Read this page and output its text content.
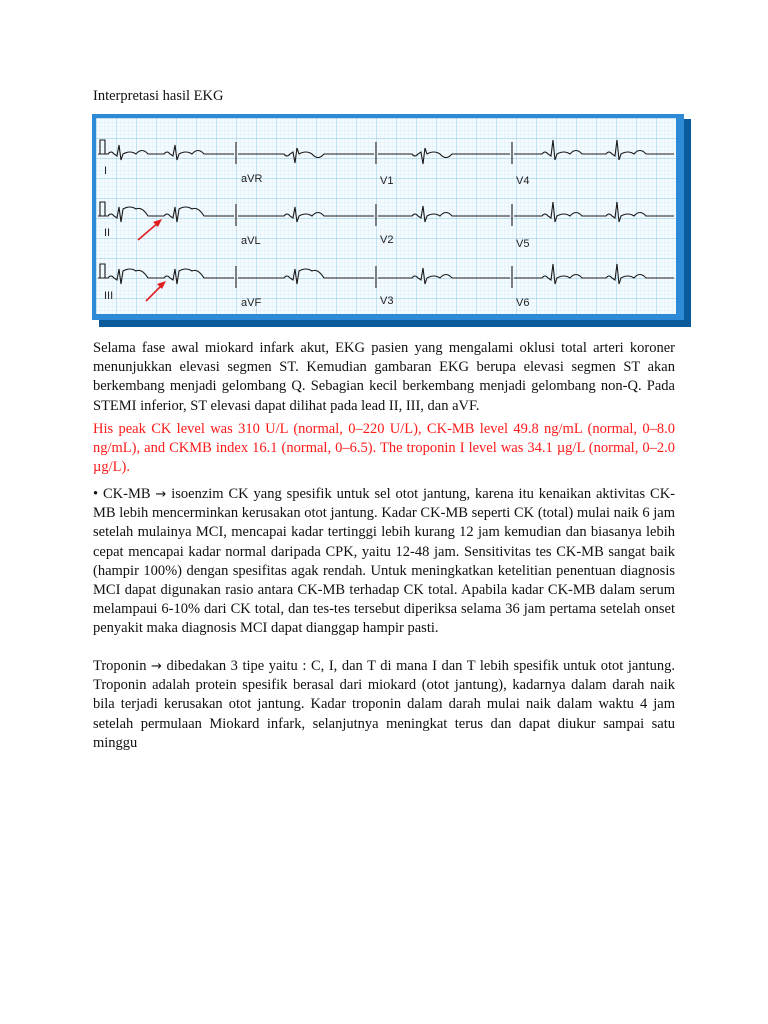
Interpretasi hasil EKG
I
II
III
aVR
aVL
aVF
V1
V2
V3
V4
V5
V6

Selama fase awal miokard infark akut, EKG pasien yang mengalami oklusi total arteri koroner menunjukkan elevasi segmen ST. Kemudian gambaran EKG berupa elevasi segmen ST akan berkembang menjadi gelombang Q. Sebagian kecil berkembang menjadi gelombang non-Q. Pada STEMI inferior, ST elevasi dapat dilihat pada lead II, III, dan aVF.

His peak CK level was 310 U/L (normal, 0–220 U/L), CK-MB level 49.8 ng/mL (normal, 0–8.0 ng/mL), and CKMB index 16.1 (normal, 0–6.5). The troponin I level was 34.1 µg/L (normal, 0–2.0 µg/L).

• CK-MB → isoenzim CK yang spesifik untuk sel otot jantung, karena itu kenaikan aktivitas CK-MB lebih mencerminkan kerusakan otot jantung. Kadar CK-MB seperti CK (total) mulai naik 6 jam setelah mulainya MCI, mencapai kadar tertinggi lebih kurang 12 jam kemudian dan biasanya lebih cepat mencapai kadar normal daripada CPK, yaitu 12-48 jam. Sensitivitas tes CK-MB sangat baik (hampir 100%) dengan spesifitas agak rendah. Untuk meningkatkan ketelitian penentuan diagnosis MCI dapat digunakan rasio antara CK-MB terhadap CK total. Apabila kadar CK-MB dalam serum melampaui 6-10% dari CK total, dan tes-tes tersebut diperiksa selama 36 jam pertama setelah onset penyakit maka diagnosis MCI dapat dianggap hampir pasti.

Troponin → dibedakan 3 tipe yaitu : C, I, dan T di mana I dan T lebih spesifik untuk otot jantung. Troponin adalah protein spesifik berasal dari miokard (otot jantung), kadarnya dalam darah naik bila terjadi kerusakan otot jantung. Kadar troponin dalam darah mulai naik dalam waktu 4 jam setelah permulaan Miokard infark, selanjutnya meningkat terus dan dapat diukur sampai satu minggu
